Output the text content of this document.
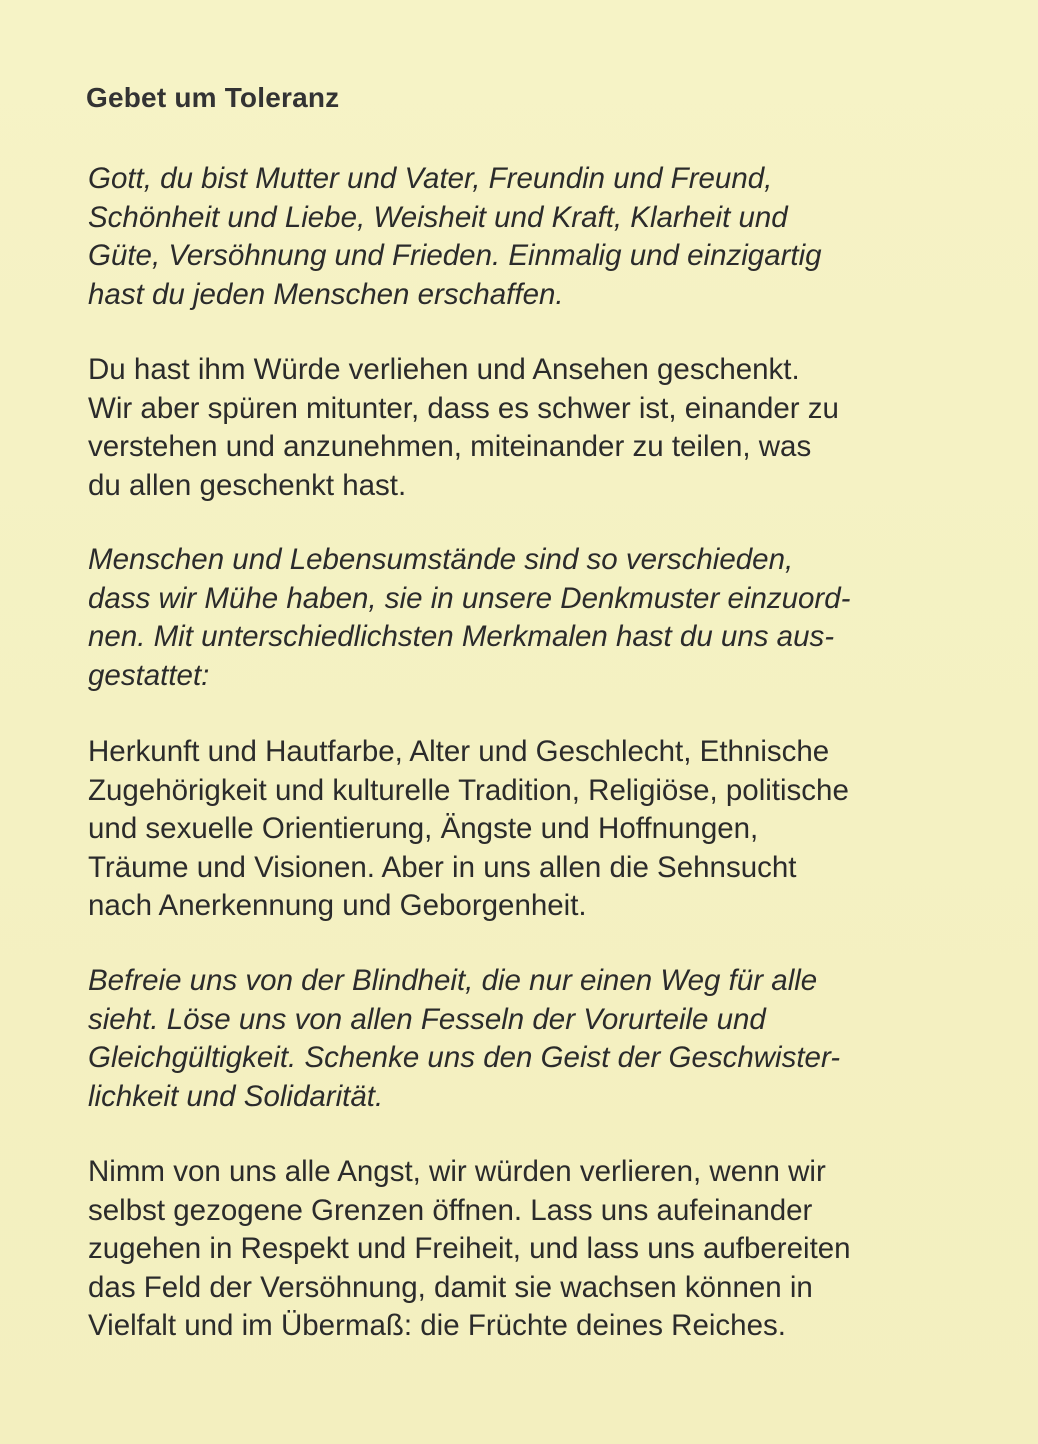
Gebet um Toleranz

Gott, du bist Mutter und Vater, Freundin und Freund,
Schönheit und Liebe, Weisheit und Kraft, Klarheit und
Güte, Versöhnung und Frieden. Einmalig und einzigartig
hast du jeden Menschen erschaffen.

Du hast ihm Würde verliehen und Ansehen geschenkt.
Wir aber spüren mitunter, dass es schwer ist, einander zu
verstehen und anzunehmen, miteinander zu teilen, was
du allen geschenkt hast.

Menschen und Lebensumstände sind so verschieden,
dass wir Mühe haben, sie in unsere Denkmuster einzuord-
nen. Mit unterschiedlichsten Merkmalen hast du uns aus-
gestattet:

Herkunft und Hautfarbe, Alter und Geschlecht, Ethnische
Zugehörigkeit und kulturelle Tradition, Religiöse, politische
und sexuelle Orientierung, Ängste und Hoffnungen,
Träume und Visionen. Aber in uns allen die Sehnsucht
nach Anerkennung und Geborgenheit.

Befreie uns von der Blindheit, die nur einen Weg für alle
sieht. Löse uns von allen Fesseln der Vorurteile und
Gleichgültigkeit. Schenke uns den Geist der Geschwister-
lichkeit und Solidarität.

Nimm von uns alle Angst, wir würden verlieren, wenn wir
selbst gezogene Grenzen öffnen. Lass uns aufeinander
zugehen in Respekt und Freiheit, und lass uns aufbereiten
das Feld der Versöhnung, damit sie wachsen können in
Vielfalt und im Übermaß: die Früchte deines Reiches.
